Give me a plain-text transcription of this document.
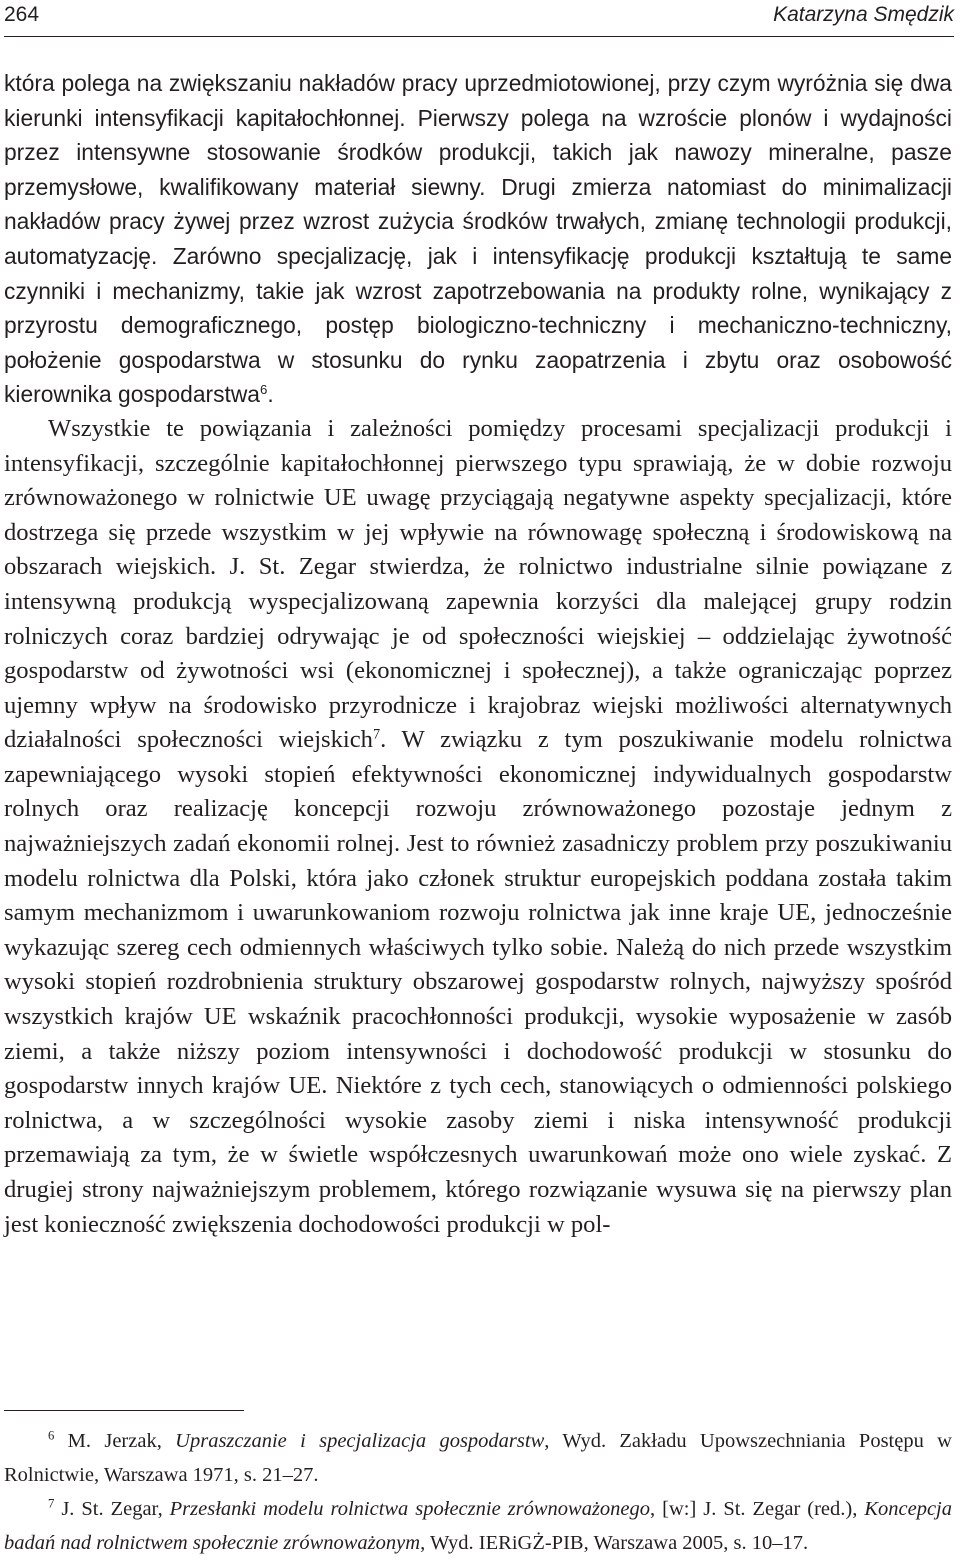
264	Katarzyna Smędzik

która polega na zwiększaniu nakładów pracy uprzedmiotowionej, przy czym wyróżnia się dwa kierunki intensyfikacji kapitałochłonnej. Pierwszy polega na wzroście plonów i wydajności przez intensywne stosowanie środków produkcji, takich jak nawozy mineralne, pasze przemysłowe, kwalifikowany materiał siewny. Drugi zmierza natomiast do minimalizacji nakładów pracy żywej przez wzrost zużycia środków trwałych, zmianę technologii produkcji, automatyzację. Zarówno specjalizację, jak i intensyfikację produkcji kształtują te same czynniki i mechanizmy, takie jak wzrost zapotrzebowania na produkty rolne, wynikający z przyrostu demograficznego, postęp biologiczno-techniczny i mechaniczno-techniczny, położenie gospodarstwa w stosunku do rynku zaopatrzenia i zbytu oraz osobowość kierownika gospodarstwa$^6$.

Wszystkie te powiązania i zależności pomiędzy procesami specjalizacji produkcji i intensyfikacji, szczególnie kapitałochłonnej pierwszego typu sprawiają, że w dobie rozwoju zrównoważonego w rolnictwie UE uwagę przyciągają negatywne aspekty specjalizacji, które dostrzega się przede wszystkim w jej wpływie na równowagę społeczną i środowiskową na obszarach wiejskich. J. St. Zegar stwierdza, że rolnictwo industrialne silnie powiązane z intensywną produkcją wyspecjalizowaną zapewnia korzyści dla malejącej grupy rodzin rolniczych coraz bardziej odrywając je od społeczności wiejskiej – oddzielając żywotność gospodarstw od żywotności wsi (ekonomicznej i społecznej), a także ograniczając poprzez ujemny wpływ na środowisko przyrodnicze i krajobraz wiejski możliwości alternatywnych działalności społeczności wiejskich$^7$. W związku z tym poszukiwanie modelu rolnictwa zapewniającego wysoki stopień efektywności ekonomicznej indywidualnych gospodarstw rolnych oraz realizację koncepcji rozwoju zrównoważonego pozostaje jednym z najważniejszych zadań ekonomii rolnej. Jest to również zasadniczy problem przy poszukiwaniu modelu rolnictwa dla Polski, która jako członek struktur europejskich poddana została takim samym mechanizmom i uwarunkowaniom rozwoju rolnictwa jak inne kraje UE, jednocześnie wykazując szereg cech odmiennych właściwych tylko sobie. Należą do nich przede wszystkim wysoki stopień rozdrobnienia struktury obszarowej gospodarstw rolnych, najwyższy spośród wszystkich krajów UE wskaźnik pracochłonności produkcji, wysokie wyposażenie w zasób ziemi, a także niższy poziom intensywności i dochodowość produkcji w stosunku do gospodarstw innych krajów UE. Niektóre z tych cech, stanowiących o odmienności polskiego rolnictwa, a w szczególności wysokie zasoby ziemi i niska intensywność produkcji przemawiają za tym, że w świetle współczesnych uwarunkowań może ono wiele zyskać. Z drugiej strony najważniejszym problemem, którego rozwiązanie wysuwa się na pierwszy plan jest konieczność zwiększenia dochodowości produkcji w pol-

$^6$ M. Jerzak, Upraszczanie i specjalizacja gospodarstw, Wyd. Zakładu Upowszechniania Postępu w Rolnictwie, Warszawa 1971, s. 21–27.

$^7$ J. St. Zegar, Przesłanki modelu rolnictwa społecznie zrównoważonego, [w:] J. St. Zegar (red.), Koncepcja badań nad rolnictwem społecznie zrównoważonym, Wyd. IERiGŻ-PIB, Warszawa 2005, s. 10–17.
